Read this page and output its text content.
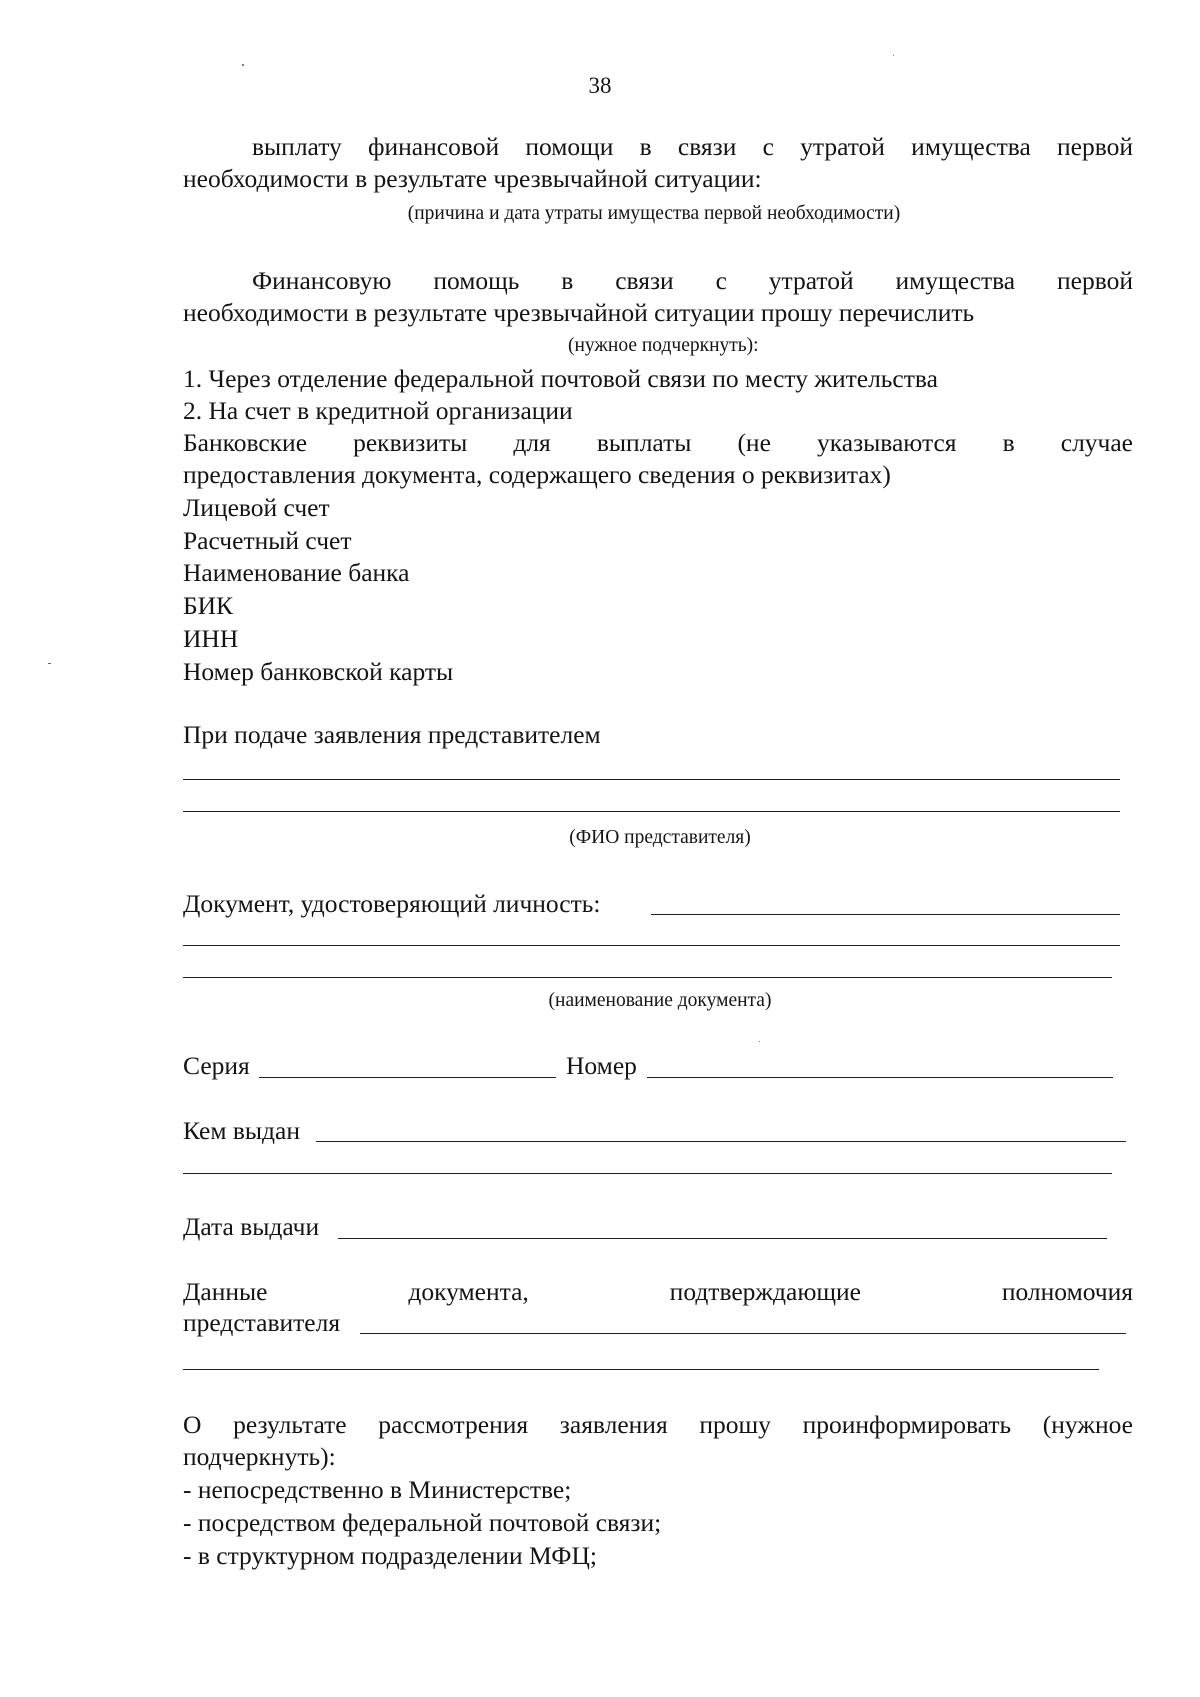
38
выплату финансовой помощи в связи с утратой имущества первой
необходимости в результате чрезвычайной ситуации:
(причина и дата утраты имущества первой необходимости)
Финансовую помощь в связи с утратой имущества первой
необходимости в результате чрезвычайной ситуации прошу перечислить
(нужное подчеркнуть):
1. Через отделение федеральной почтовой связи по месту жительства
2. На счет в кредитной организации
Банковские реквизиты для выплаты (не указываются в случае
предоставления документа, содержащего сведения о реквизитах)
Лицевой счет
Расчетный счет
Наименование банка
БИК
ИНН
Номер банковской карты
При подаче заявления представителем
(ФИО представителя)
Документ, удостоверяющий личность:
(наименование документа)
Серия	Номер
Кем выдан
Дата выдачи
Данные документа, подтверждающие полномочия
представителя
О результате рассмотрения заявления прошу проинформировать (нужное
подчеркнуть):
- непосредственно в Министерстве;
- посредством федеральной почтовой связи;
- в структурном подразделении МФЦ;
